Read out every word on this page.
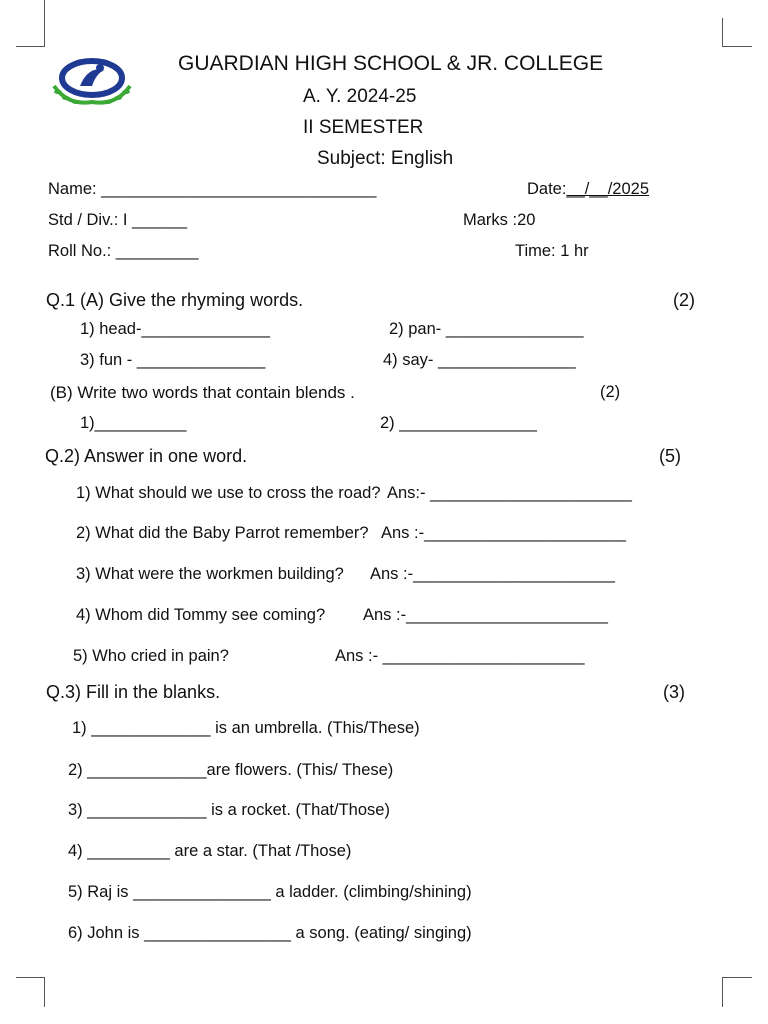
GUARDIAN HIGH SCHOOL & JR. COLLEGE
A. Y. 2024-25
II SEMESTER
Subject: English
Name: ______________________________	Date:__/__/2025
Std / Div.: I ______	Marks :20
Roll No.: _________	Time: 1 hr
Q.1 (A) Give the rhyming words.	(2)
1) head-______________	2) pan- _______________
3) fun - ______________	4) say- _______________
(B) Write two words that contain blends .	(2)
1)__________	2) _______________
Q.2) Answer in one word.	(5)
1) What should we use to cross the road? Ans:- ______________________
2) What did the Baby Parrot remember? Ans :-______________________
3) What were the workmen building? Ans :-______________________
4) Whom did Tommy see coming? Ans :-______________________
5) Who cried in pain?	Ans :- ______________________
Q.3) Fill in the blanks.	(3)
1) _____________ is an umbrella. (This/These)
2) _____________are flowers. (This/ These)
3) _____________ is a rocket. (That/Those)
4) _________ are a star. (That /Those)
5) Raj is _______________ a ladder. (climbing/shining)
6) John is ________________ a song. (eating/ singing)
